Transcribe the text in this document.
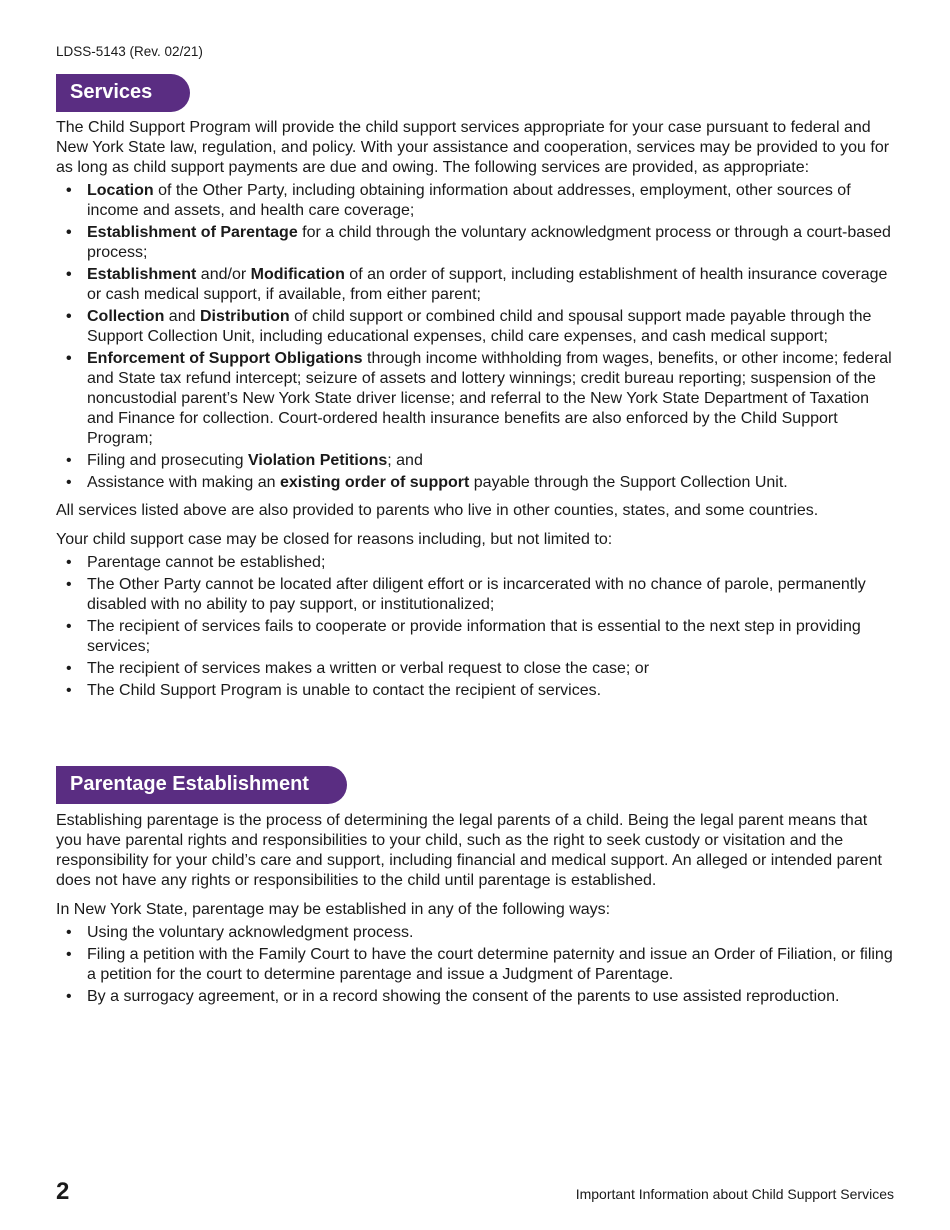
LDSS-5143 (Rev. 02/21)
Services

The Child Support Program will provide the child support services appropriate for your case pursuant to federal and New York State law, regulation, and policy. With your assistance and cooperation, services may be provided to you for as long as child support payments are due and owing. The following services are provided, as appropriate:

• Location of the Other Party, including obtaining information about addresses, employment, other sources of income and assets, and health care coverage;
• Establishment of Parentage for a child through the voluntary acknowledgment process or through a court-based process;
• Establishment and/or Modification of an order of support, including establishment of health insurance coverage or cash medical support, if available, from either parent;
• Collection and Distribution of child support or combined child and spousal support made payable through the Support Collection Unit, including educational expenses, child care expenses, and cash medical support;
• Enforcement of Support Obligations through income withholding from wages, benefits, or other income; federal and State tax refund intercept; seizure of assets and lottery winnings; credit bureau reporting; suspension of the noncustodial parent’s New York State driver license; and referral to the New York State Department of Taxation and Finance for collection. Court-ordered health insurance benefits are also enforced by the Child Support Program;
• Filing and prosecuting Violation Petitions; and
• Assistance with making an existing order of support payable through the Support Collection Unit.

All services listed above are also provided to parents who live in other counties, states, and some countries.

Your child support case may be closed for reasons including, but not limited to:

• Parentage cannot be established;
• The Other Party cannot be located after diligent effort or is incarcerated with no chance of parole, permanently disabled with no ability to pay support, or institutionalized;
• The recipient of services fails to cooperate or provide information that is essential to the next step in providing services;
• The recipient of services makes a written or verbal request to close the case; or
• The Child Support Program is unable to contact the recipient of services.
Parentage Establishment

Establishing parentage is the process of determining the legal parents of a child. Being the legal parent means that you have parental rights and responsibilities to your child, such as the right to seek custody or visitation and the responsibility for your child’s care and support, including financial and medical support. An alleged or intended parent does not have any rights or responsibilities to the child until parentage is established.

In New York State, parentage may be established in any of the following ways:

• Using the voluntary acknowledgment process.
• Filing a petition with the Family Court to have the court determine paternity and issue an Order of Filiation, or filing a petition for the court to determine parentage and issue a Judgment of Parentage.
• By a surrogacy agreement, or in a record showing the consent of the parents to use assisted reproduction.
2	Important Information about Child Support Services
